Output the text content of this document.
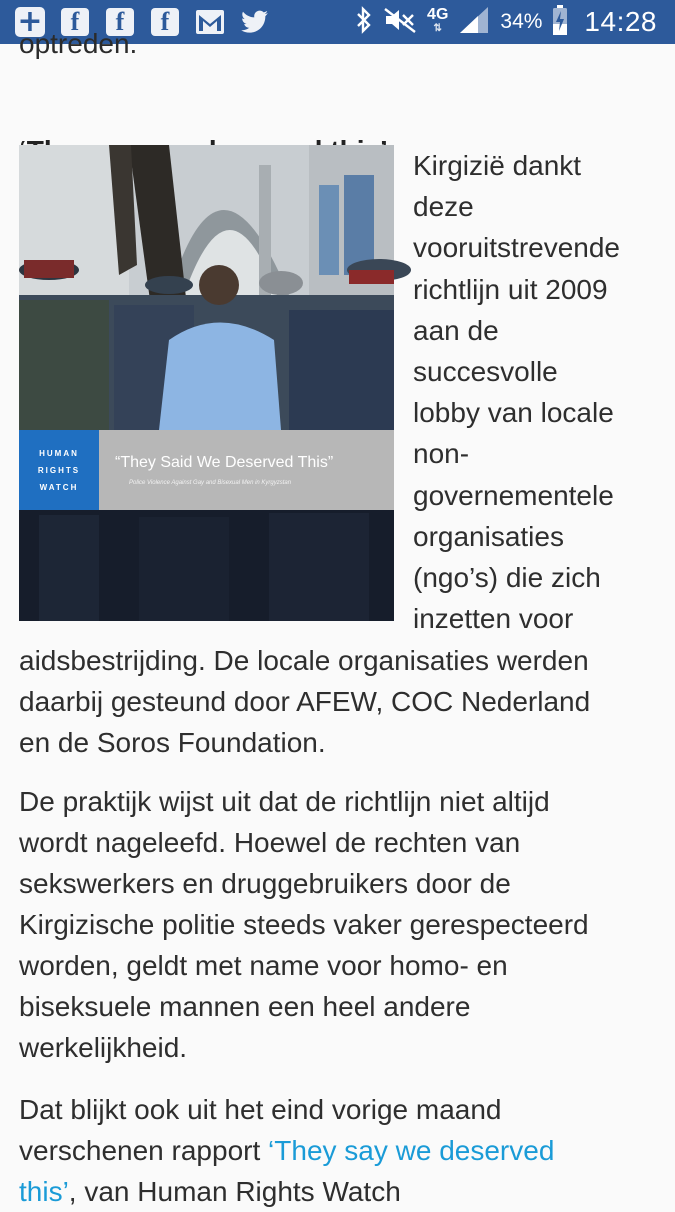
+	f	f	f	4G
⇅	34% 14:28
optreden.
HUMAN
RIGHTS
WATCH
“They Said We Deserved This”
Police Violence Against Gay and Bisexual Men in Kyrgyzstan

Kirgizië dankt
deze
vooruitstrevende
richtlijn uit 2009
aan de
succesvolle
lobby van locale
non-
governementele
organisaties
(ngo’s) die zich
inzetten voor

aidsbestrijding. De locale organisaties werden
daarbij gesteund door AFEW, COC Nederland
en de Soros Foundation.

De praktijk wijst uit dat de richtlijn niet altijd
wordt nageleefd. Hoewel de rechten van
sekswerkers en druggebruikers door de
Kirgizische politie steeds vaker gerespecteerd
worden, geldt met name voor homo- en
biseksuele mannen een heel andere
werkelijkheid.

Dat blijkt ook uit het eind vorige maand
verschenen rapport ‘They say we deserved
this’, van Human Rights Watch
